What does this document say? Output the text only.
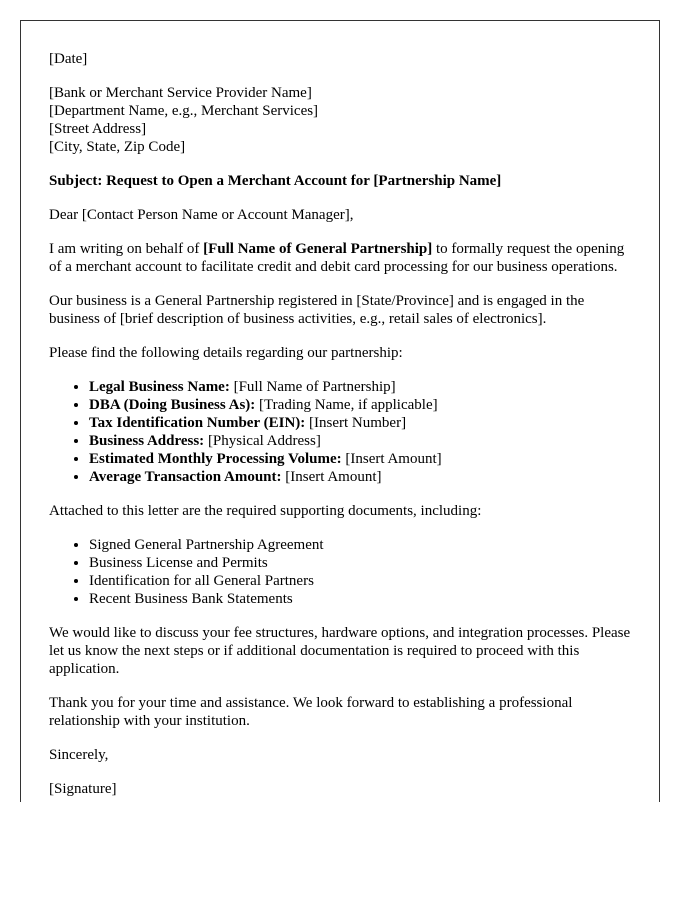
[Date]

[Bank or Merchant Service Provider Name]
[Department Name, e.g., Merchant Services]
[Street Address]
[City, State, Zip Code]

Subject: Request to Open a Merchant Account for [Partnership Name]

Dear [Contact Person Name or Account Manager],

I am writing on behalf of [Full Name of General Partnership] to formally request the opening of a merchant account to facilitate credit and debit card processing for our business operations.

Our business is a General Partnership registered in [State/Province] and is engaged in the business of [brief description of business activities, e.g., retail sales of electronics].

Please find the following details regarding our partnership:

• Legal Business Name: [Full Name of Partnership]
• DBA (Doing Business As): [Trading Name, if applicable]
• Tax Identification Number (EIN): [Insert Number]
• Business Address: [Physical Address]
• Estimated Monthly Processing Volume: [Insert Amount]
• Average Transaction Amount: [Insert Amount]

Attached to this letter are the required supporting documents, including:

• Signed General Partnership Agreement
• Business License and Permits
• Identification for all General Partners
• Recent Business Bank Statements

We would like to discuss your fee structures, hardware options, and integration processes. Please let us know the next steps or if additional documentation is required to proceed with this application.

Thank you for your time and assistance. We look forward to establishing a professional relationship with your institution.

Sincerely,

[Signature]
